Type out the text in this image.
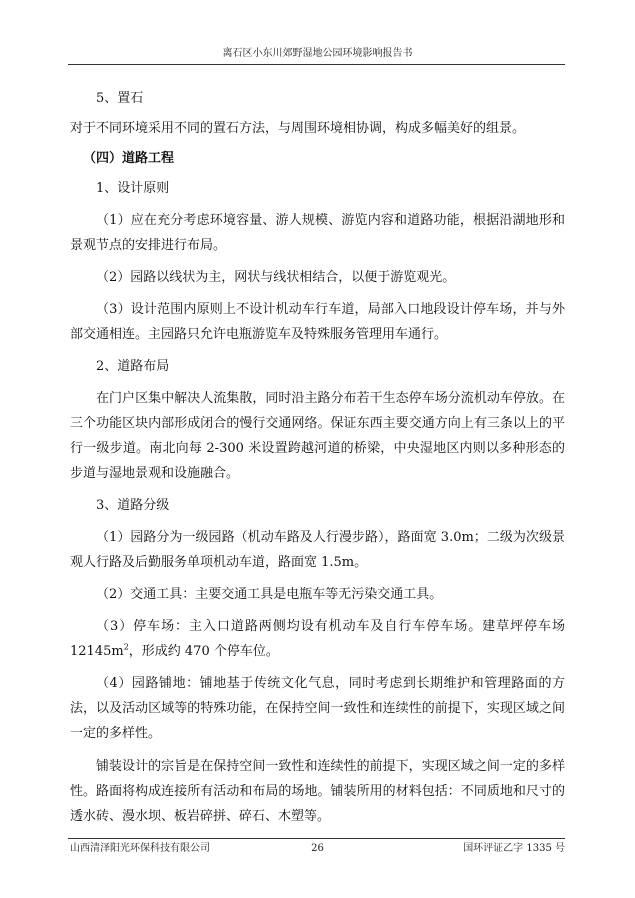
离石区小东川郊野湿地公园环境影响报告书

5、置石

对于不同环境采用不同的置石方法，与周围环境相协调，构成多幅美好的组景。

（四）道路工程

1、设计原则

（1）应在充分考虑环境容量、游人规模、游览内容和道路功能，根据沿湖地形和景观节点的安排进行布局。

（2）园路以线状为主，网状与线状相结合，以便于游览观光。

（3）设计范围内原则上不设计机动车行车道，局部入口地段设计停车场，并与外部交通相连。主园路只允许电瓶游览车及特殊服务管理用车通行。

2、道路布局

在门户区集中解决人流集散，同时沿主路分布若干生态停车场分流机动车停放。在三个功能区块内部形成闭合的慢行交通网络。保证东西主要交通方向上有三条以上的平行一级步道。南北向每 2-300 米设置跨越河道的桥梁，中央湿地区内则以多种形态的步道与湿地景观和设施融合。

3、道路分级

（1）园路分为一级园路（机动车路及人行漫步路），路面宽 3.0m；二级为次级景观人行路及后勤服务单项机动车道，路面宽 1.5m。

（2）交通工具：主要交通工具是电瓶车等无污染交通工具。

（3）停车场：主入口道路两侧均设有机动车及自行车停车场。建草坪停车场 $12145m^2$，形成约 470 个停车位。

（4）园路铺地：铺地基于传统文化气息，同时考虑到长期维护和管理路面的方法，以及活动区域等的特殊功能，在保持空间一致性和连续性的前提下，实现区域之间一定的多样性。

铺装设计的宗旨是在保持空间一致性和连续性的前提下，实现区域之间一定的多样性。路面将构成连接所有活动和布局的场地。铺装所用的材料包括：不同质地和尺寸的透水砖、漫水坝、板岩碎拼、碎石、木塑等。

山西清泽阳光环保科技有限公司	26	国环评证乙字 1335 号
